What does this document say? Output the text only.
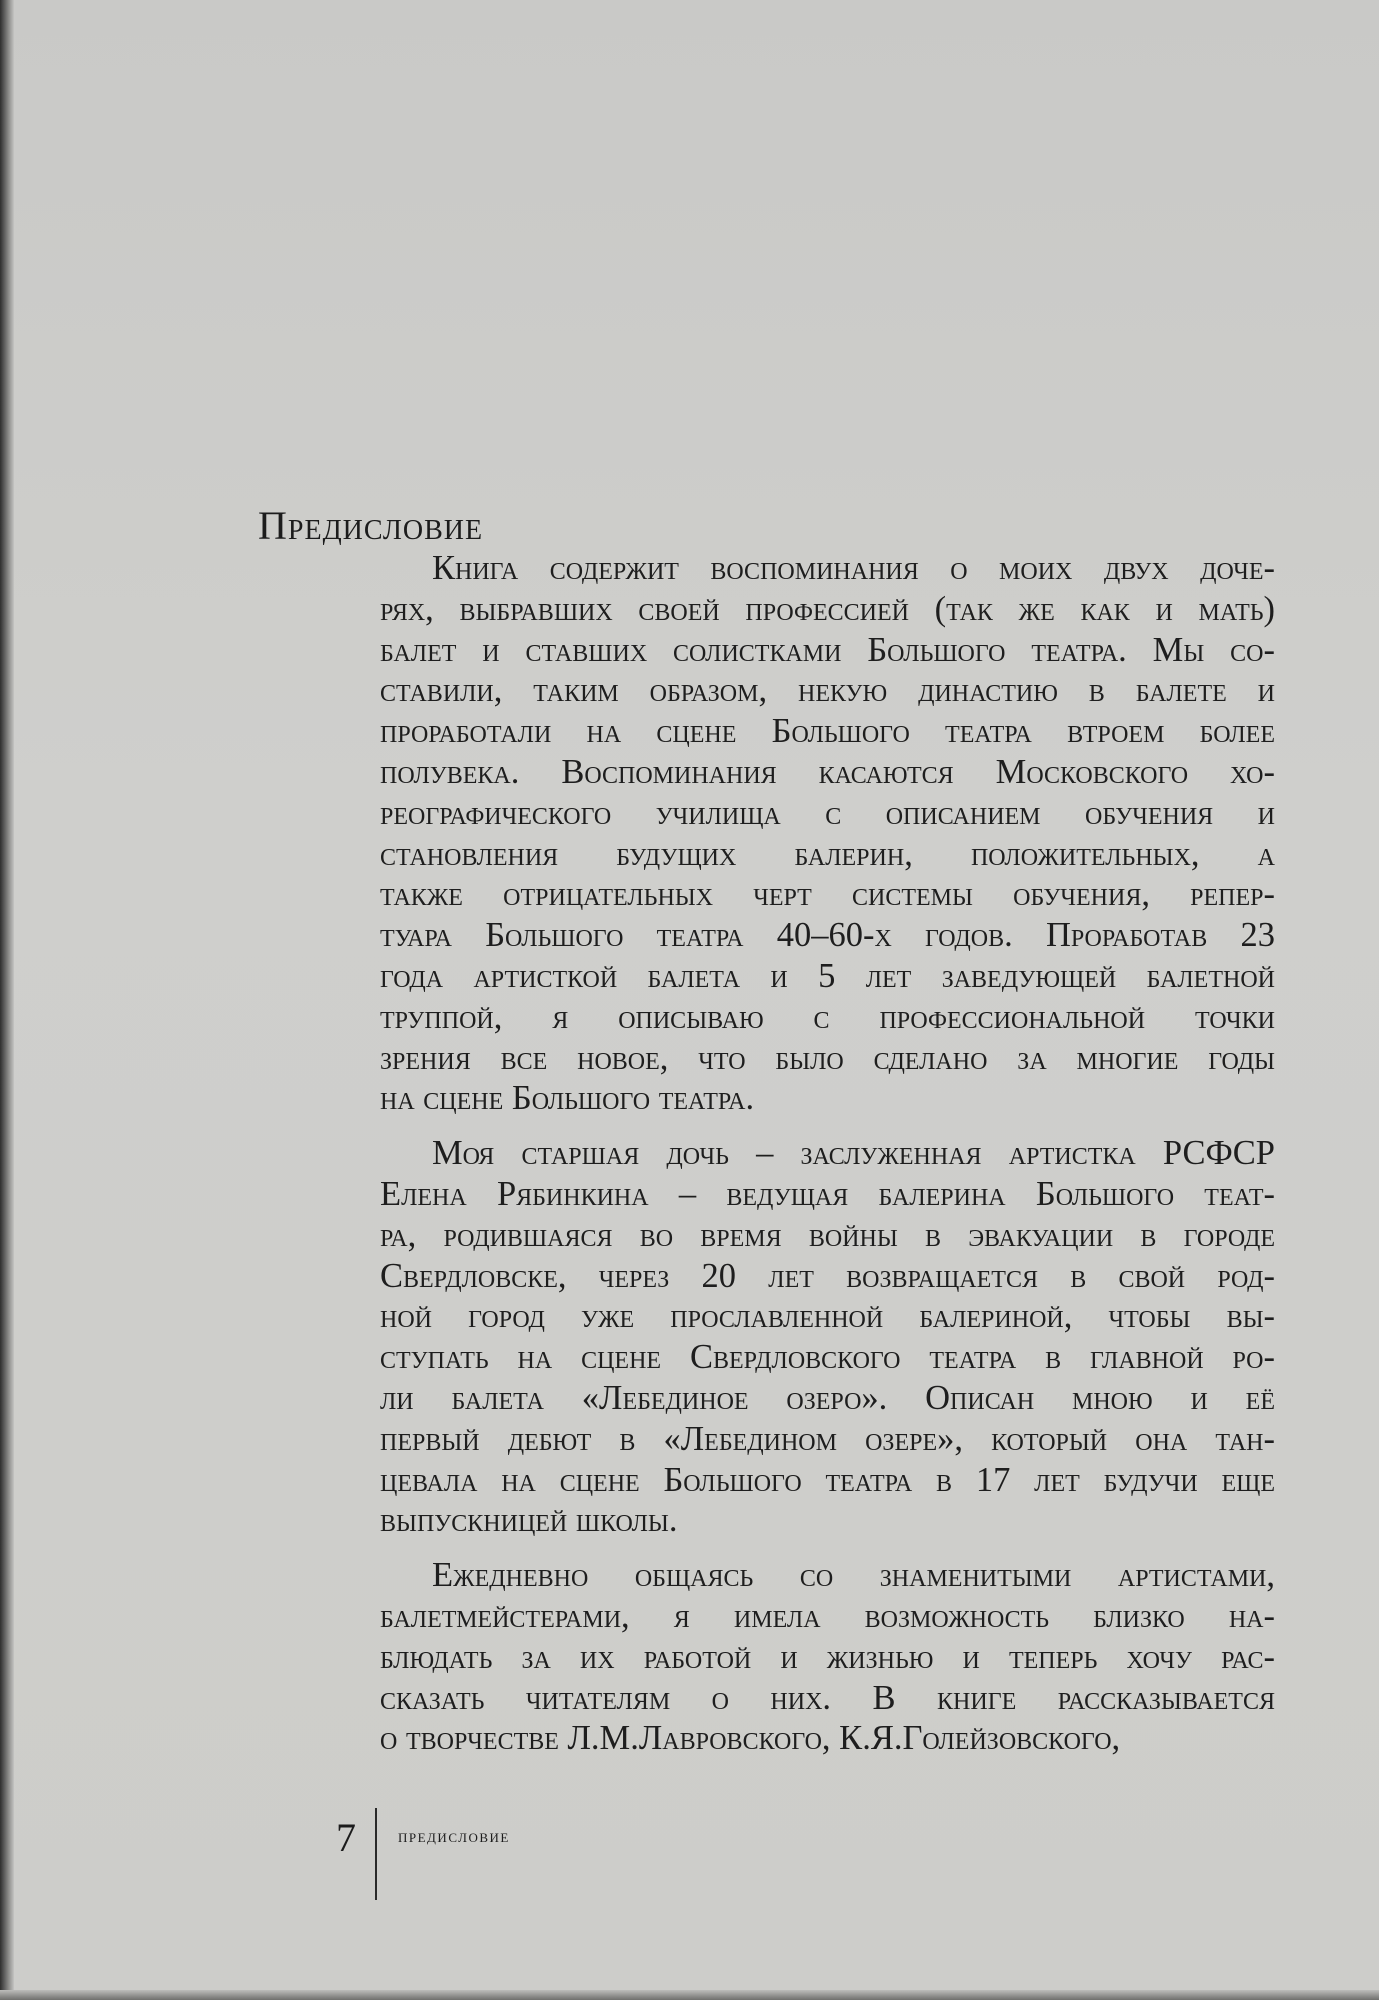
Предисловие

Книга содержит воспоминания о моих двух доче-
рях, выбравших своей профессией (так же как и мать)
балет и ставших солистками Большого театра. Мы со-
ставили, таким образом, некую династию в балете и
проработали на сцене Большого театра втроем более
полувека. Воспоминания касаются Московского хо-
реографического училища с описанием обучения и
становления будущих балерин, положительных, а
также отрицательных черт системы обучения, репер-
туара Большого театра 40–60-х годов. Проработав 23
года артисткой балета и 5 лет заведующей балетной
труппой, я описываю с профессиональной точки
зрения все новое, что было сделано за многие годы
на сцене Большого театра.

Моя старшая дочь – заслуженная артистка РСФСР
Елена Рябинкина – ведущая балерина Большого теат-
ра, родившаяся во время войны в эвакуации в городе
Свердловске, через 20 лет возвращается в свой род-
ной город уже прославленной балериной, чтобы вы-
ступать на сцене Свердловского театра в главной ро-
ли балета «Лебединое озеро». Описан мною и её
первый дебют в «Лебедином озере», который она тан-
цевала на сцене Большого театра в 17 лет будучи еще
выпускницей школы.

Ежедневно общаясь со знаменитыми артистами,
балетмейстерами, я имела возможность близко на-
блюдать за их работой и жизнью и теперь хочу рас-
сказать читателям о них. В книге рассказывается
о творчестве Л.М.Лавровского, К.Я.Голейзовского,

7 предисловие
